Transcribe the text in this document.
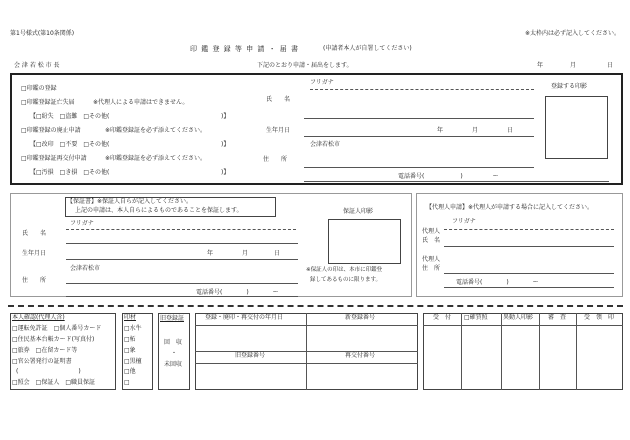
第1号様式(第10条関係)	※太枠内は必ず記入してください。
印 鑑 登 録 等 申 請 ・ 届 書	(申請者本人が自署してください)
会 津 若 松 市 長	下記のとおり申請・届出をします。	年	月	日
□印鑑の登録
□印鑑登録証亡失届	※代理人による申請はできません。
【□紛失　□盗難　□その他(	)】
□印鑑登録の廃止申請	※印鑑登録証を必ず添えてください。
【□改印　□不要　□その他(	)】
□印鑑登録証再交付申請	※印鑑登録証を必ず添えてください。
【□汚損　□き損　□その他(	)】
フリガナ
氏　　名
生年月日	年	月	日
会津若松市
住　　所
電話番号(　　　　　　)　　　　　ー
登録する印影
【保証書】※保証人自らが記入してください。
上記の申請は、本人自らによるものであることを保証します。
フリガナ
氏　　名
生年月日	年	月	日
会津若松市
住　　所
電話番号(　　　　)　　　　ー
保証人印影
※保証人の印は、本市に印鑑登
録してあるものに限ります。
【代理人申請】※代理人が申請する場合に記入してください。
フリガナ
代理人
氏　名
代理人
住　所
電話番号(　　　　)　　　　ー
本人確認(代理人含)
□運転免許証　□個人番号カード
□住民基本台帳カード(写真付)
□旅券　□在留カード等
□官公署発行の証明書
(　　　　　　　　　　)
□照会　□保証人　□職員保証
印材
□水牛
□柘
□象
□黒檀
□他
□
旧登録証
回　収
・
未回収
登録・廃印・再交付の年月日	新登録番号
旧登録番号	再交付番号
受　付 □確賃照	異動人印影 審　査	受　領　印
